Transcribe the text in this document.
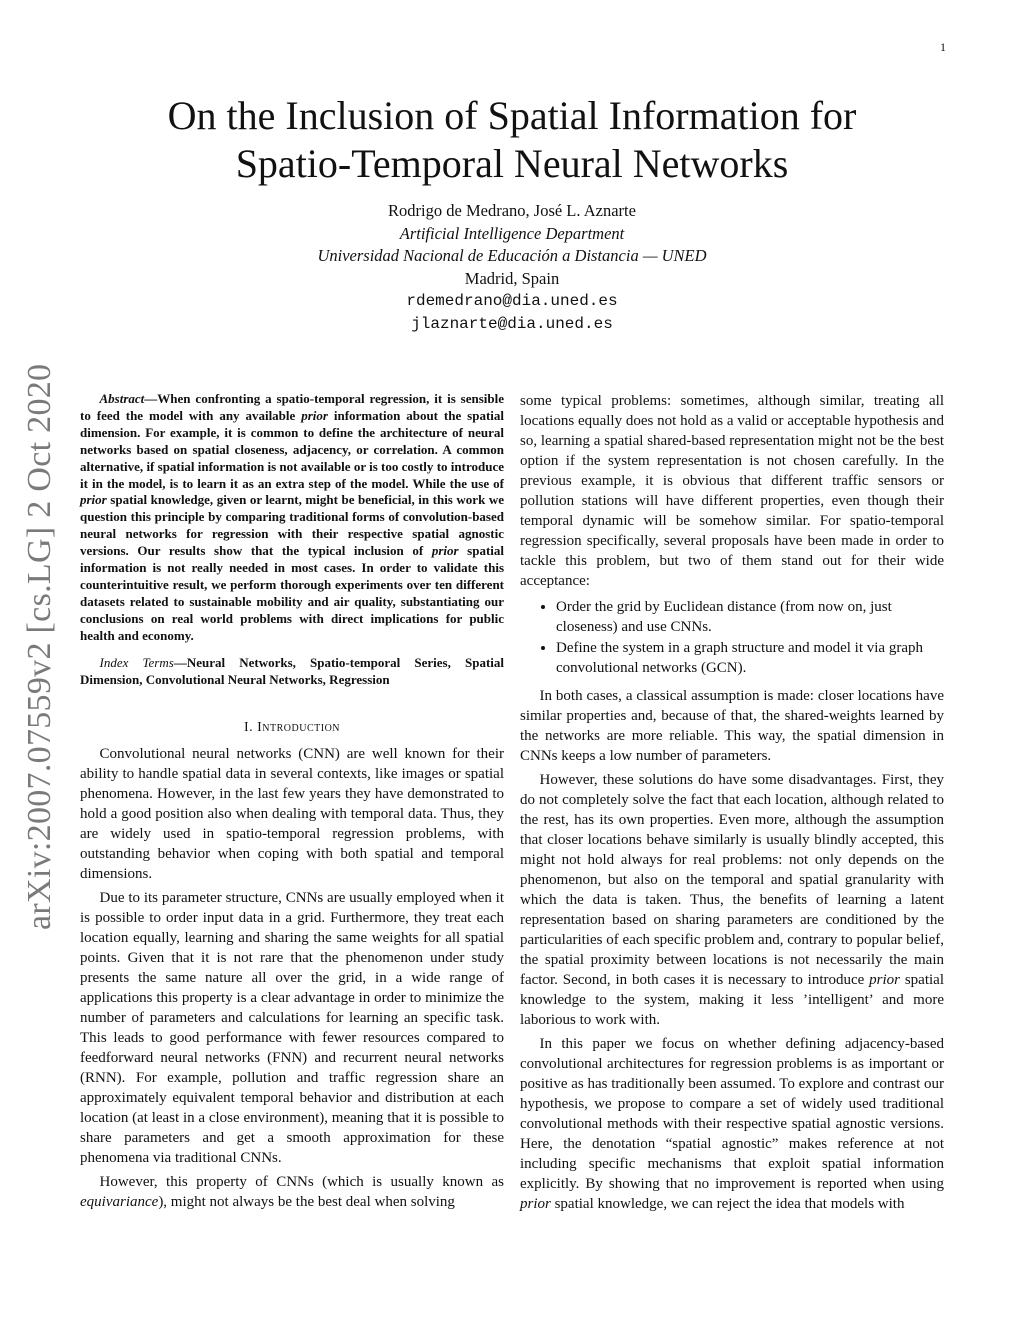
1
arXiv:2007.07559v2 [cs.LG] 2 Oct 2020
On the Inclusion of Spatial Information for
Spatio-Temporal Neural Networks
Rodrigo de Medrano, José L. Aznarte
Artificial Intelligence Department
Universidad Nacional de Educación a Distancia — UNED
Madrid, Spain
rdemedrano@dia.uned.es
jlaznarte@dia.uned.es

Abstract—When confronting a spatio-temporal regression, it is sensible to feed the model with any available prior information about the spatial dimension. For example, it is common to define the architecture of neural networks based on spatial closeness, adjacency, or correlation. A common alternative, if spatial information is not available or is too costly to introduce it in the model, is to learn it as an extra step of the model. While the use of prior spatial knowledge, given or learnt, might be beneficial, in this work we question this principle by comparing traditional forms of convolution-based neural networks for regression with their respective spatial agnostic versions. Our results show that the typical inclusion of prior spatial information is not really needed in most cases. In order to validate this counterintuitive result, we perform thorough experiments over ten different datasets related to sustainable mobility and air quality, substantiating our conclusions on real world problems with direct implications for public health and economy.

Index Terms—Neural Networks, Spatio-temporal Series, Spatial Dimension, Convolutional Neural Networks, Regression

I. Introduction

Convolutional neural networks (CNN) are well known for their ability to handle spatial data in several contexts, like images or spatial phenomena. However, in the last few years they have demonstrated to hold a good position also when dealing with temporal data. Thus, they are widely used in spatio-temporal regression problems, with outstanding behavior when coping with both spatial and temporal dimensions.

Due to its parameter structure, CNNs are usually employed when it is possible to order input data in a grid. Furthermore, they treat each location equally, learning and sharing the same weights for all spatial points. Given that it is not rare that the phenomenon under study presents the same nature all over the grid, in a wide range of applications this property is a clear advantage in order to minimize the number of parameters and calculations for learning an specific task. This leads to good performance with fewer resources compared to feedforward neural networks (FNN) and recurrent neural networks (RNN). For example, pollution and traffic regression share an approximately equivalent temporal behavior and distribution at each location (at least in a close environment), meaning that it is possible to share parameters and get a smooth approximation for these phenomena via traditional CNNs.

However, this property of CNNs (which is usually known as equivariance), might not always be the best deal when solving

some typical problems: sometimes, although similar, treating all locations equally does not hold as a valid or acceptable hypothesis and so, learning a spatial shared-based representation might not be the best option if the system representation is not chosen carefully. In the previous example, it is obvious that different traffic sensors or pollution stations will have different properties, even though their temporal dynamic will be somehow similar. For spatio-temporal regression specifically, several proposals have been made in order to tackle this problem, but two of them stand out for their wide acceptance:

• Order the grid by Euclidean distance (from now on, just closeness) and use CNNs.
• Define the system in a graph structure and model it via graph convolutional networks (GCN).

In both cases, a classical assumption is made: closer locations have similar properties and, because of that, the shared-weights learned by the networks are more reliable. This way, the spatial dimension in CNNs keeps a low number of parameters.

However, these solutions do have some disadvantages. First, they do not completely solve the fact that each location, although related to the rest, has its own properties. Even more, although the assumption that closer locations behave similarly is usually blindly accepted, this might not hold always for real problems: not only depends on the phenomenon, but also on the temporal and spatial granularity with which the data is taken. Thus, the benefits of learning a latent representation based on sharing parameters are conditioned by the particularities of each specific problem and, contrary to popular belief, the spatial proximity between locations is not necessarily the main factor. Second, in both cases it is necessary to introduce prior spatial knowledge to the system, making it less ’intelligent’ and more laborious to work with.

In this paper we focus on whether defining adjacency-based convolutional architectures for regression problems is as important or positive as has traditionally been assumed. To explore and contrast our hypothesis, we propose to compare a set of widely used traditional convolutional methods with their respective spatial agnostic versions. Here, the denotation “spatial agnostic” makes reference at not including specific mechanisms that exploit spatial information explicitly. By showing that no improvement is reported when using prior spatial knowledge, we can reject the idea that models with
